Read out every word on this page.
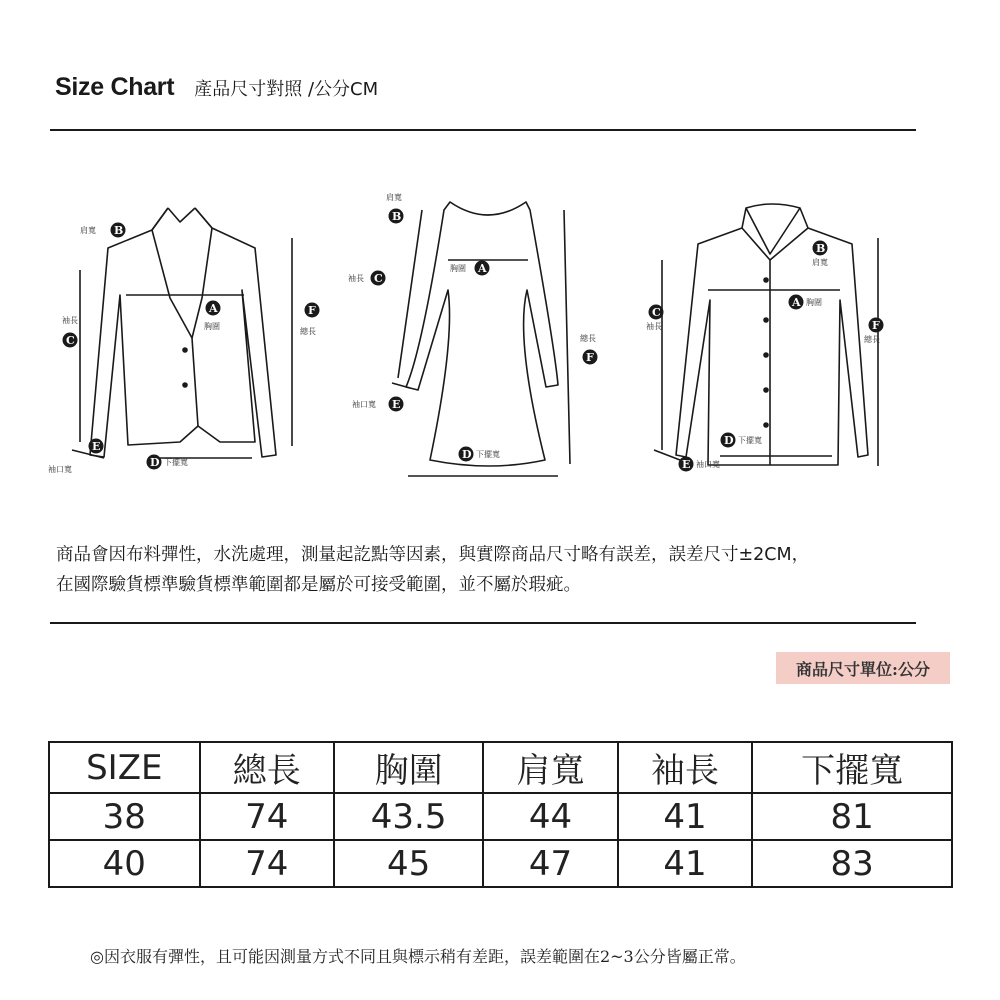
Size Chart 產品尺寸對照 /公分CM
B
C
A	F
E
D
B
C
A
F
E
D
B
A
C
F
D
E
肩寬
袖長
胸圍
總長
袖口寬
下擺寬
肩寬
袖長
胸圍
總長
袖口寬
下擺寬
肩寬
胸圍
袖長
總長
下擺寬
袖口寬
商品會因布料彈性，水洗處理，測量起訖點等因素，與實際商品尺寸略有誤差，誤差尺寸±2CM，
在國際驗貨標準驗貨標準範圍都是屬於可接受範圍，並不屬於瑕疵。
商品尺寸單位:公分
SIZE	總長	胸圍	肩寬	袖長	下擺寬
38	74	43.5	44	41	81
40	74	45	47	41	83
◎因衣服有彈性，且可能因測量方式不同且與標示稍有差距，誤差範圍在2~3公分皆屬正常。
